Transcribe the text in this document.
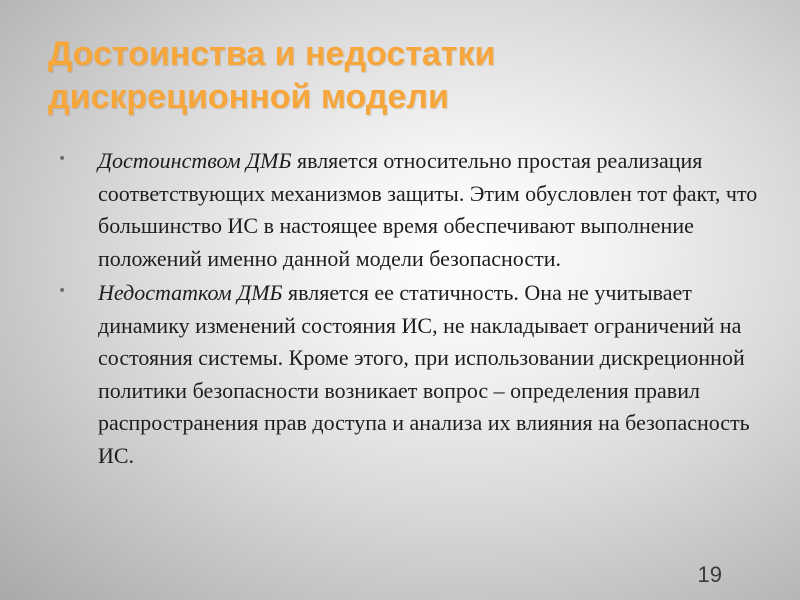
Достоинства и недостатки дискреционной модели
• Достоинством ДМБ является относительно простая реализация соответствующих механизмов защиты. Этим обусловлен тот факт, что большинство ИС в настоящее время обеспечивают выполнение положений именно данной модели безопасности.
• Недостатком ДМБ является ее статичность. Она не учитывает динамику изменений состояния ИС, не накладывает ограничений на состояния системы. Кроме этого, при использовании дискреционной политики безопасности возникает вопрос – определения правил распространения прав доступа и анализа их влияния на безопасность ИС.
19
